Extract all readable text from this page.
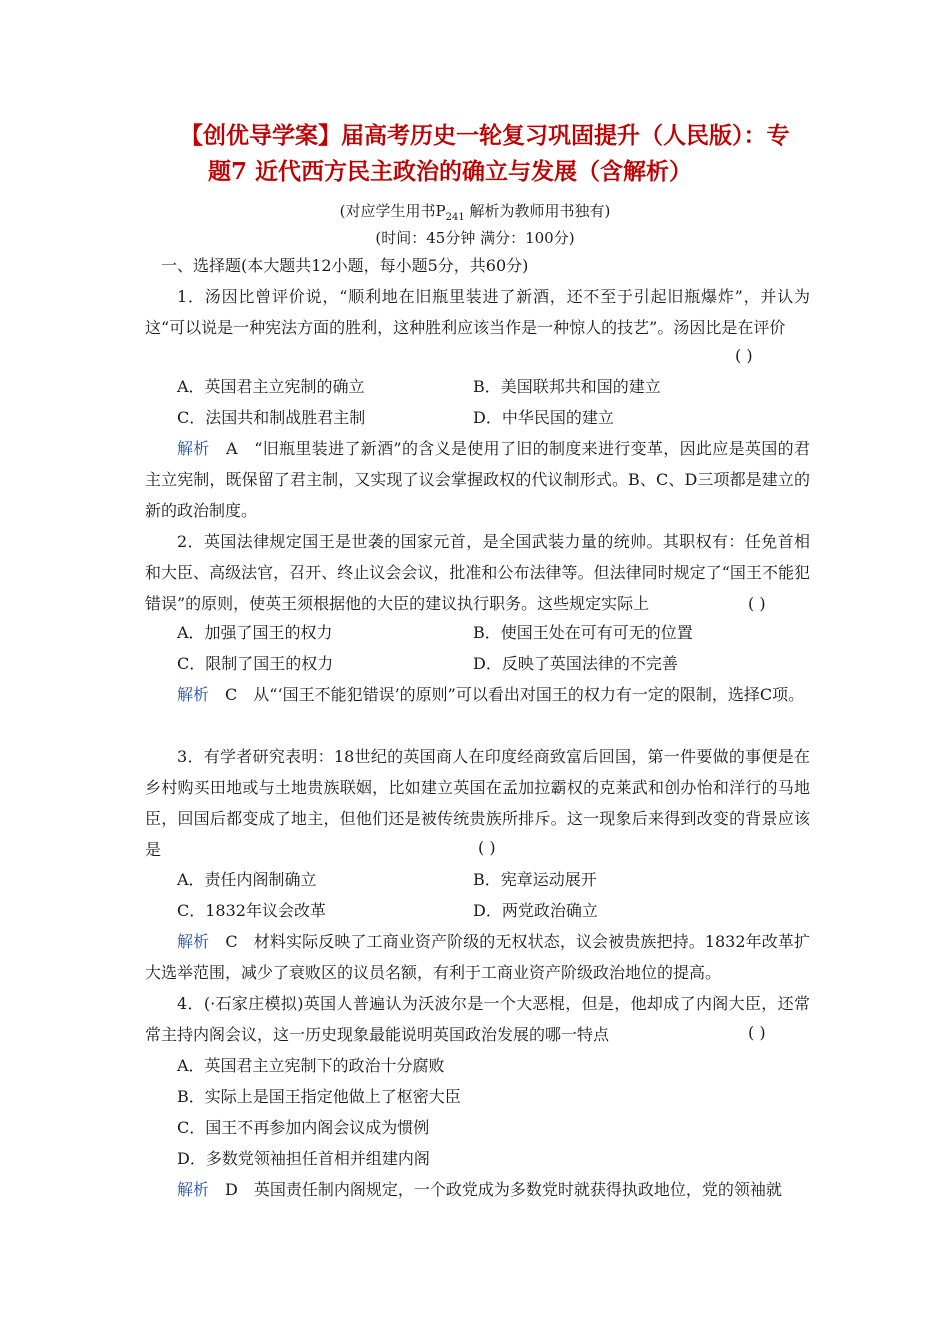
【创优导学案】届高考历史一轮复习巩固提升（人民版）：专
题7 近代西方民主政治的确立与发展（含解析）
(对应学生用书$P_{241}$ 解析为教师用书独有)
(时间：45分钟 满分：100分)
一、选择题(本大题共12小题，每小题5分，共60分)
1．汤因比曾评价说，“顺利地在旧瓶里装进了新酒，还不至于引起旧瓶爆炸”，并认为这“可以说是一种宪法方面的胜利，这种胜利应该当作是一种惊人的技艺”。汤因比是在评价
( )
A．英国君主立宪制的确立	B．美国联邦共和国的建立
C．法国共和制战胜君主制	D．中华民国的建立
解析　 A　 “旧瓶里装进了新酒”的含义是使用了旧的制度来进行变革，因此应是英国的君主立宪制，既保留了君主制，又实现了议会掌握政权的代议制形式。B、C、D三项都是建立的新的政治制度。
2．英国法律规定国王是世袭的国家元首，是全国武装力量的统帅。其职权有：任免首相和大臣、高级法官，召开、终止议会会议，批准和公布法律等。但法律同时规定了“国王不能犯错误”的原则，使英王须根据他的大臣的建议执行职务。这些规定实际上	( )
A．加强了国王的权力	B．使国王处在可有可无的位置
C．限制了国王的权力	D．反映了英国法律的不完善
解析　 C　 从“‘国王不能犯错误’的原则”可以看出对国王的权力有一定的限制，选择C项。
3．有学者研究表明：18世纪的英国商人在印度经商致富后回国，第一件要做的事便是在乡村购买田地或与土地贵族联姻，比如建立英国在孟加拉霸权的克莱武和创办怡和洋行的马地臣，回国后都变成了地主，但他们还是被传统贵族所排斥。这一现象后来得到改变的背景应该是	( )
A．责任内阁制确立	B．宪章运动展开
C．1832年议会改革	D．两党政治确立
解析　 C　 材料实际反映了工商业资产阶级的无权状态，议会被贵族把持。1832年改革扩大选举范围，减少了衰败区的议员名额，有利于工商业资产阶级政治地位的提高。
4．(·石家庄模拟)英国人普遍认为沃波尔是一个大恶棍，但是，他却成了内阁大臣，还常常主持内阁会议，这一历史现象最能说明英国政治发展的哪一特点	( )
A．英国君主立宪制下的政治十分腐败
B．实际上是国王指定他做上了枢密大臣
C．国王不再参加内阁会议成为惯例
D．多数党领袖担任首相并组建内阁
解析　 D　 英国责任制内阁规定，一个政党成为多数党时就获得执政地位，党的领袖就
